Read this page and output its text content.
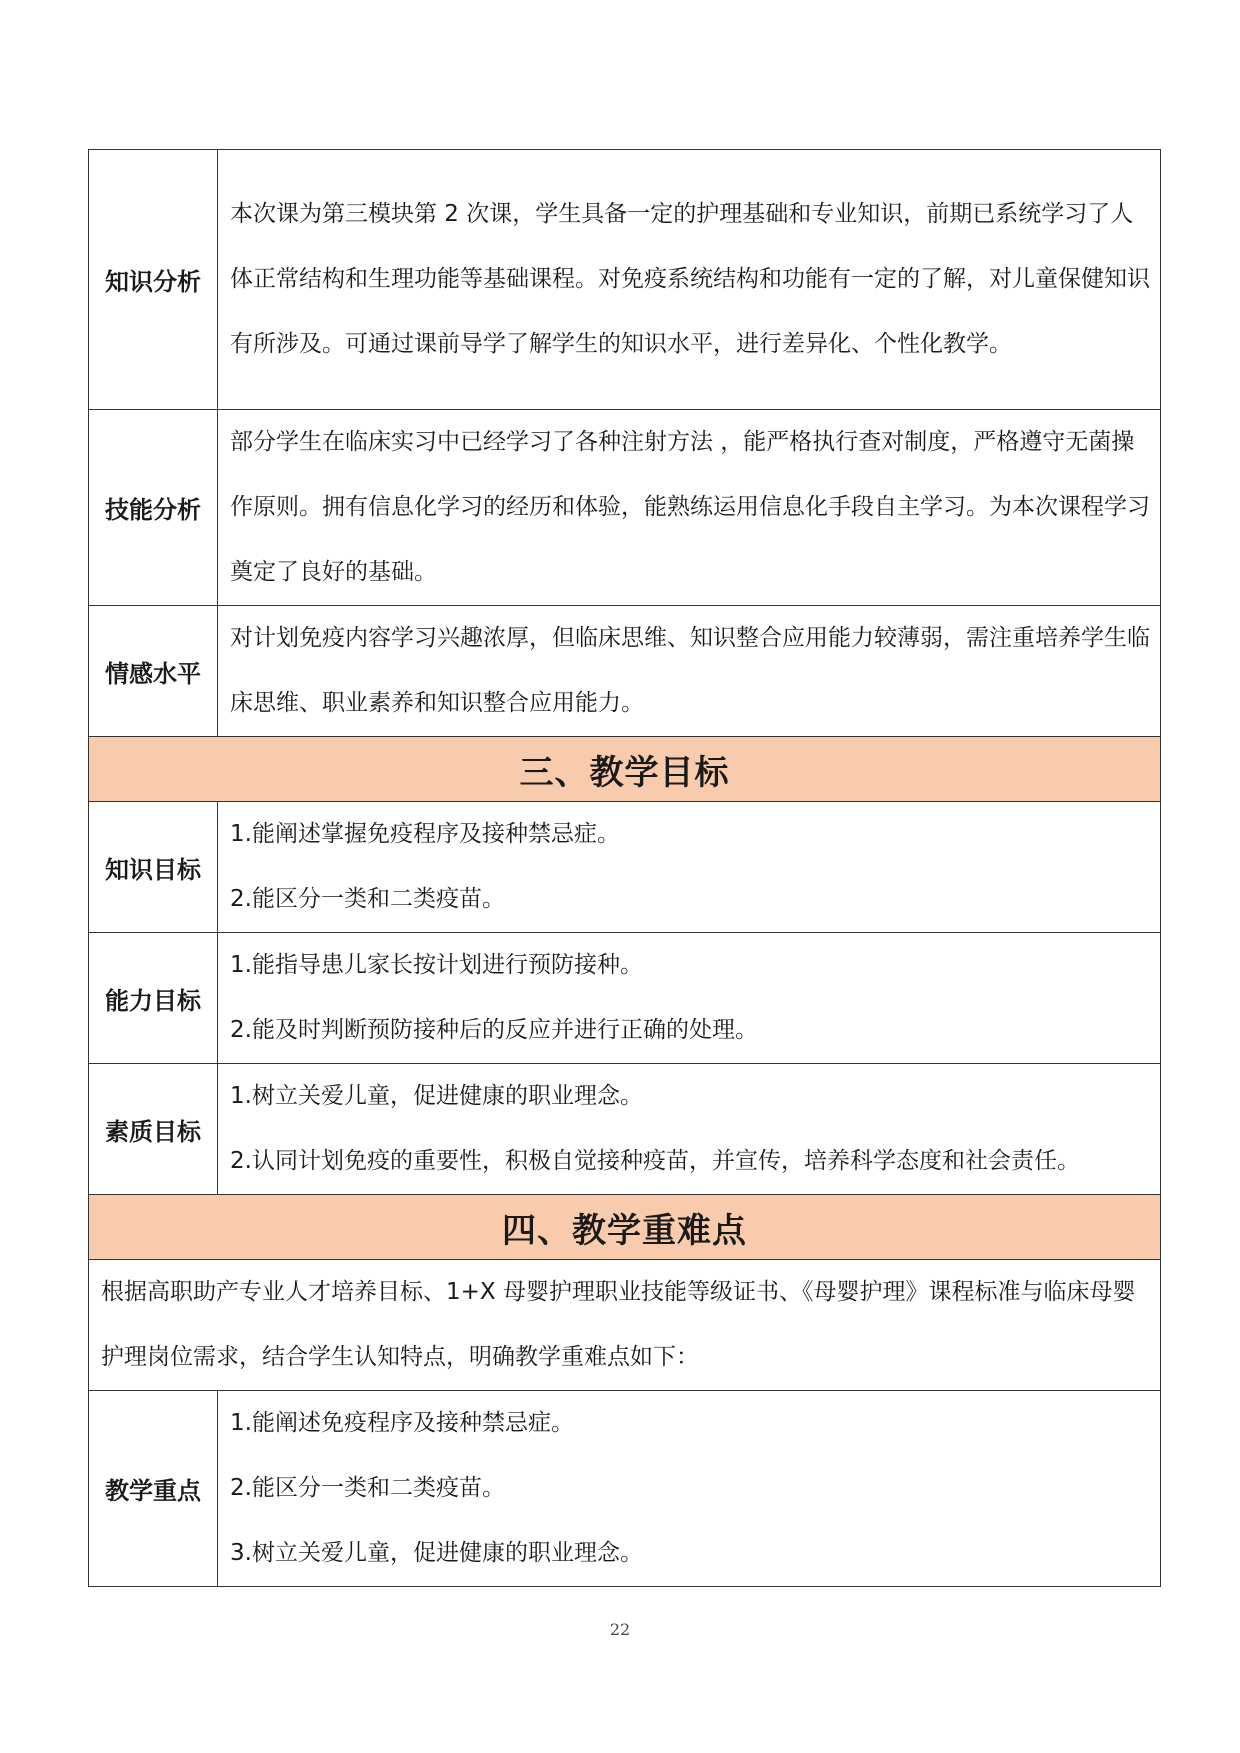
知识分析	本次课为第三模块第 2 次课，学生具备一定的护理基础和专业知识，前期已系统学习了人体正常结构和生理功能等基础课程。对免疫系统结构和功能有一定的了解，对儿童保健知识有所涉及。可通过课前导学了解学生的知识水平，进行差异化、个性化教学。
技能分析	部分学生在临床实习中已经学习了各种注射方法 ，能严格执行查对制度，严格遵守无菌操作原则。拥有信息化学习的经历和体验，能熟练运用信息化手段自主学习。为本次课程学习奠定了良好的基础。
情感水平	对计划免疫内容学习兴趣浓厚，但临床思维、知识整合应用能力较薄弱，需注重培养学生临床思维、职业素养和知识整合应用能力。
三、教学目标	
知识目标	1.能阐述掌握免疫程序及接种禁忌症。

2.能区分一类和二类疫苗。

能力目标	1.能指导患儿家长按计划进行预防接种。

2.能及时判断预防接种后的反应并进行正确的处理。

素质目标	1.树立关爱儿童，促进健康的职业理念。

2.认同计划免疫的重要性，积极自觉接种疫苗，并宣传，培养科学态度和社会责任。

四、教学重难点	
根据高职助产专业人才培养目标、1+X 母婴护理职业技能等级证书、《母婴护理》课程标准与临床母婴护理岗位需求，结合学生认知特点，明确教学重难点如下：	
教学重点	1.能阐述免疫程序及接种禁忌症。

2.能区分一类和二类疫苗。

3.树立关爱儿童，促进健康的职业理念。

22
